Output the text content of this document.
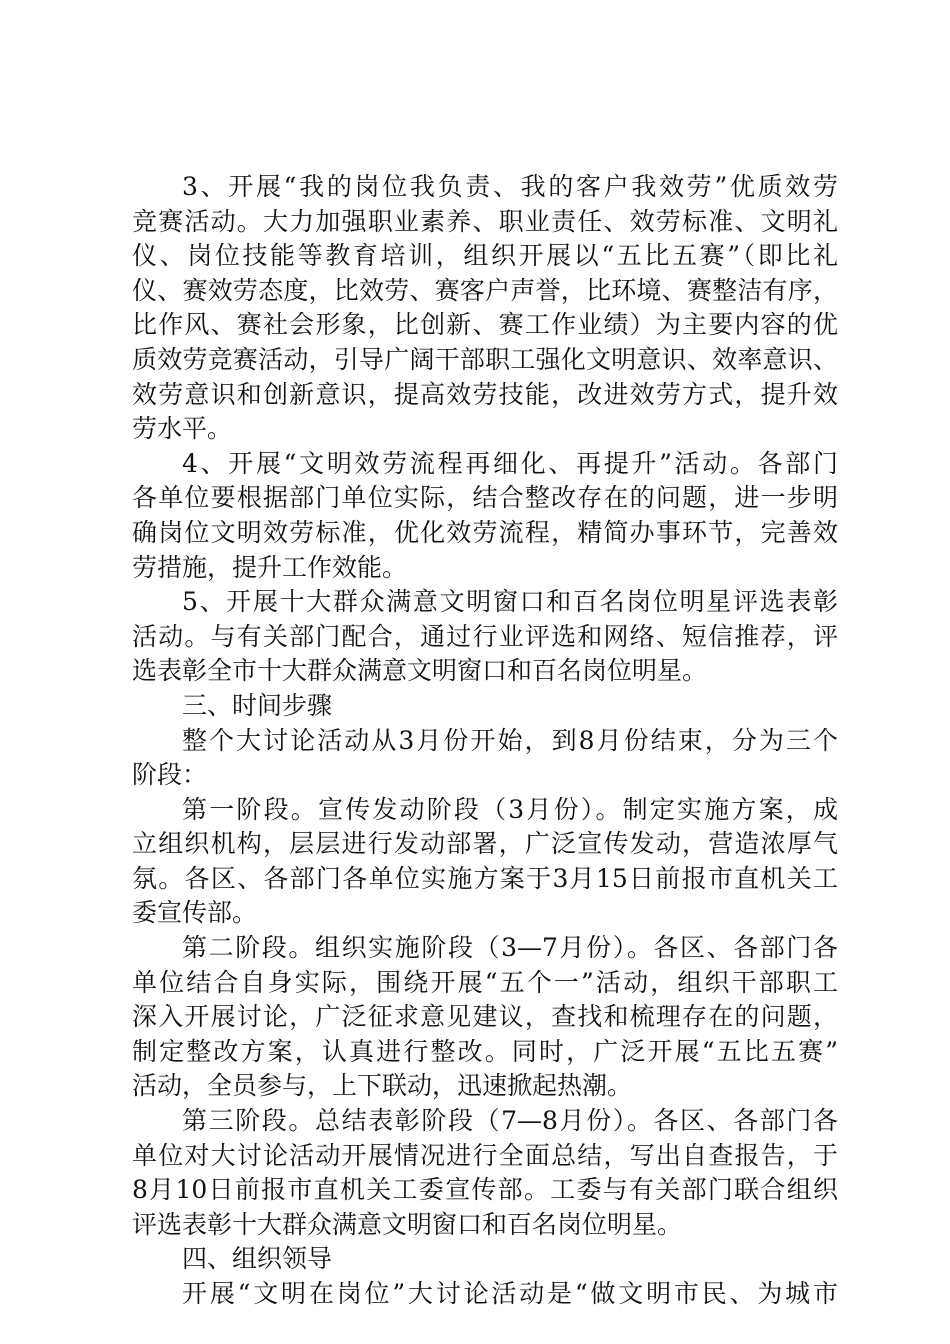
3、开展“我的岗位我负责、我的客户我效劳”优质效劳
竞赛活动。大力加强职业素养、职业责任、效劳标准、文明礼
仪、岗位技能等教育培训，组织开展以“五比五赛”（即比礼
仪、赛效劳态度，比效劳、赛客户声誉，比环境、赛整洁有序，
比作风、赛社会形象，比创新、赛工作业绩）为主要内容的优
质效劳竞赛活动，引导广阔干部职工强化文明意识、效率意识、
效劳意识和创新意识，提高效劳技能，改进效劳方式，提升效
劳水平。
4、开展“文明效劳流程再细化、再提升”活动。各部门
各单位要根据部门单位实际，结合整改存在的问题，进一步明
确岗位文明效劳标准，优化效劳流程，精简办事环节，完善效
劳措施，提升工作效能。
5、开展十大群众满意文明窗口和百名岗位明星评选表彰
活动。与有关部门配合，通过行业评选和网络、短信推荐，评
选表彰全市十大群众满意文明窗口和百名岗位明星。
三、时间步骤
整个大讨论活动从3月份开始，到8月份结束，分为三个
阶段：
第一阶段。宣传发动阶段（3月份）。制定实施方案，成
立组织机构，层层进行发动部署，广泛宣传发动，营造浓厚气
氛。各区、各部门各单位实施方案于3月15日前报市直机关工
委宣传部。
第二阶段。组织实施阶段（3—7月份）。各区、各部门各
单位结合自身实际，围绕开展“五个一”活动，组织干部职工
深入开展讨论，广泛征求意见建议，查找和梳理存在的问题，
制定整改方案，认真进行整改。同时，广泛开展“五比五赛”
活动，全员参与，上下联动，迅速掀起热潮。
第三阶段。总结表彰阶段（7—8月份）。各区、各部门各
单位对大讨论活动开展情况进行全面总结，写出自查报告，于
8月10日前报市直机关工委宣传部。工委与有关部门联合组织
评选表彰十大群众满意文明窗口和百名岗位明星。
四、组织领导
开展“文明在岗位”大讨论活动是“做文明市民、为城市
